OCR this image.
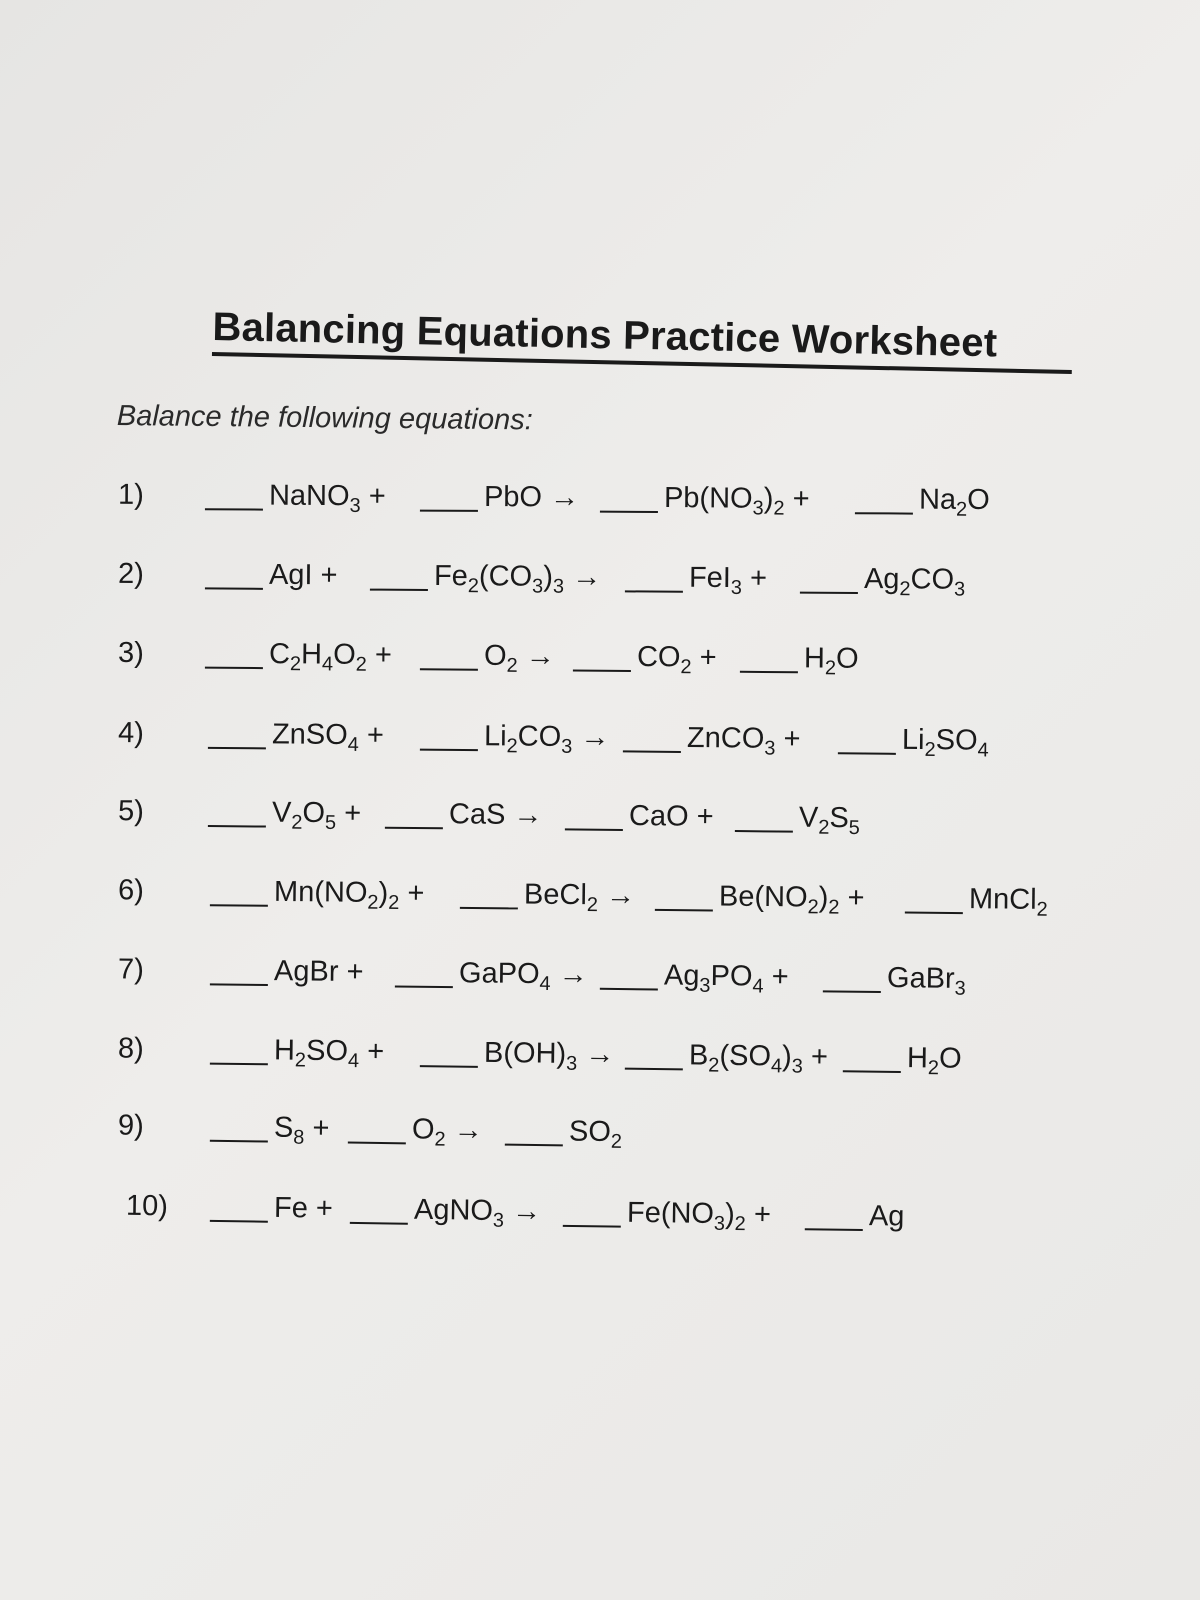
Balancing Equations Practice Worksheet
Balance the following equations:
1)	NaNO$_3$ +	PbO →	$Pb(NO_3)_2$ +	$Na_2O$
2)	AgI +	$Fe_2(CO_3)_3$ →	FeI$_3$ +	$Ag_2CO_3$
3)	$C_2H_4O_2$ +	$O_2$ →	$CO_2$ +	$H_2O$
4)	ZnSO$_4$ +	$Li_2CO_3$ →	ZnCO$_3$ +	$Li_2SO_4$
5)	$V_2O_5$ +	CaS →	CaO +	$V_2S_5$
6)	$Mn(NO_2)_2$ +	BeCl$_2$ →	$Be(NO_2)_2$ +	MnCl$_2$
7)	AgBr +	GaPO$_4$ →	$Ag_3PO_4$ +	GaBr$_3$
8)	$H_2SO_4$ +	$B(OH)_3$ →	$B_2(SO_4)_3$ +	$H_2O$
9)	$S_8$ +	$O_2$ →	$SO_2$
10)	Fe +	AgNO$_3$ →	$Fe(NO_3)_2$ +	Ag
